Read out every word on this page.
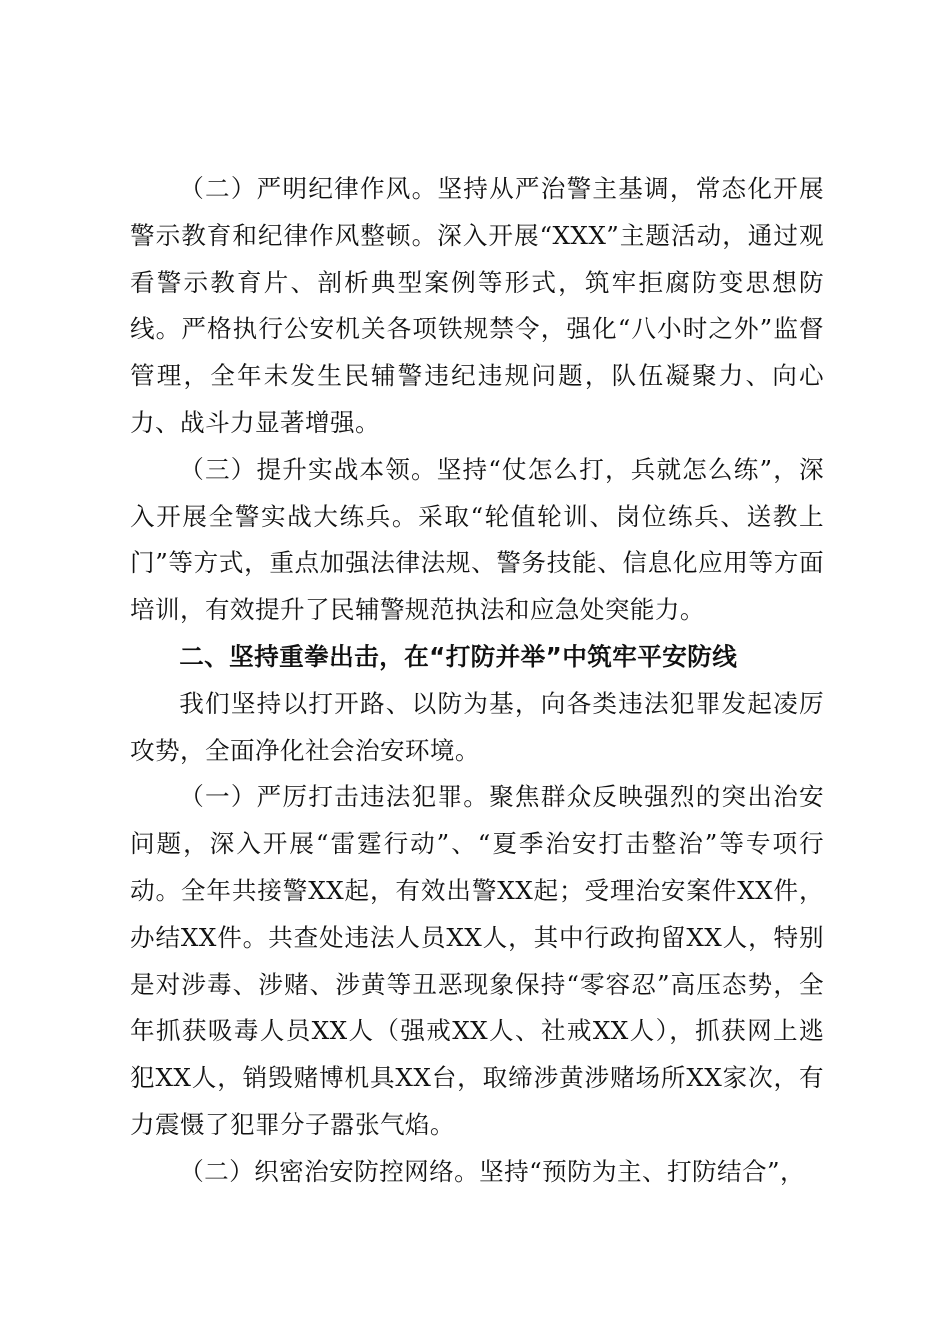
（二）严明纪律作风。坚持从严治警主基调，常态化开展警示教育和纪律作风整顿。深入开展“XXX”主题活动，通过观看警示教育片、剖析典型案例等形式，筑牢拒腐防变思想防线。严格执行公安机关各项铁规禁令，强化“八小时之外”监督管理，全年未发生民辅警违纪违规问题，队伍凝聚力、向心力、战斗力显著增强。

（三）提升实战本领。坚持“仗怎么打，兵就怎么练”，深入开展全警实战大练兵。采取“轮值轮训、岗位练兵、送教上门”等方式，重点加强法律法规、警务技能、信息化应用等方面培训，有效提升了民辅警规范执法和应急处突能力。

二、坚持重拳出击，在“打防并举”中筑牢平安防线

我们坚持以打开路、以防为基，向各类违法犯罪发起凌厉攻势，全面净化社会治安环境。

（一）严厉打击违法犯罪。聚焦群众反映强烈的突出治安问题，深入开展“雷霆行动”、“夏季治安打击整治”等专项行动。全年共接警XX起，有效出警XX起；受理治安案件XX件，办结XX件。共查处违法人员XX人，其中行政拘留XX人，特别是对涉毒、涉赌、涉黄等丑恶现象保持“零容忍”高压态势，全年抓获吸毒人员XX人（强戒XX人、社戒XX人），抓获网上逃犯XX人，销毁赌博机具XX台，取缔涉黄涉赌场所XX家次，有力震慑了犯罪分子嚣张气焰。

（二）织密治安防控网络。坚持“预防为主、打防结合”，
